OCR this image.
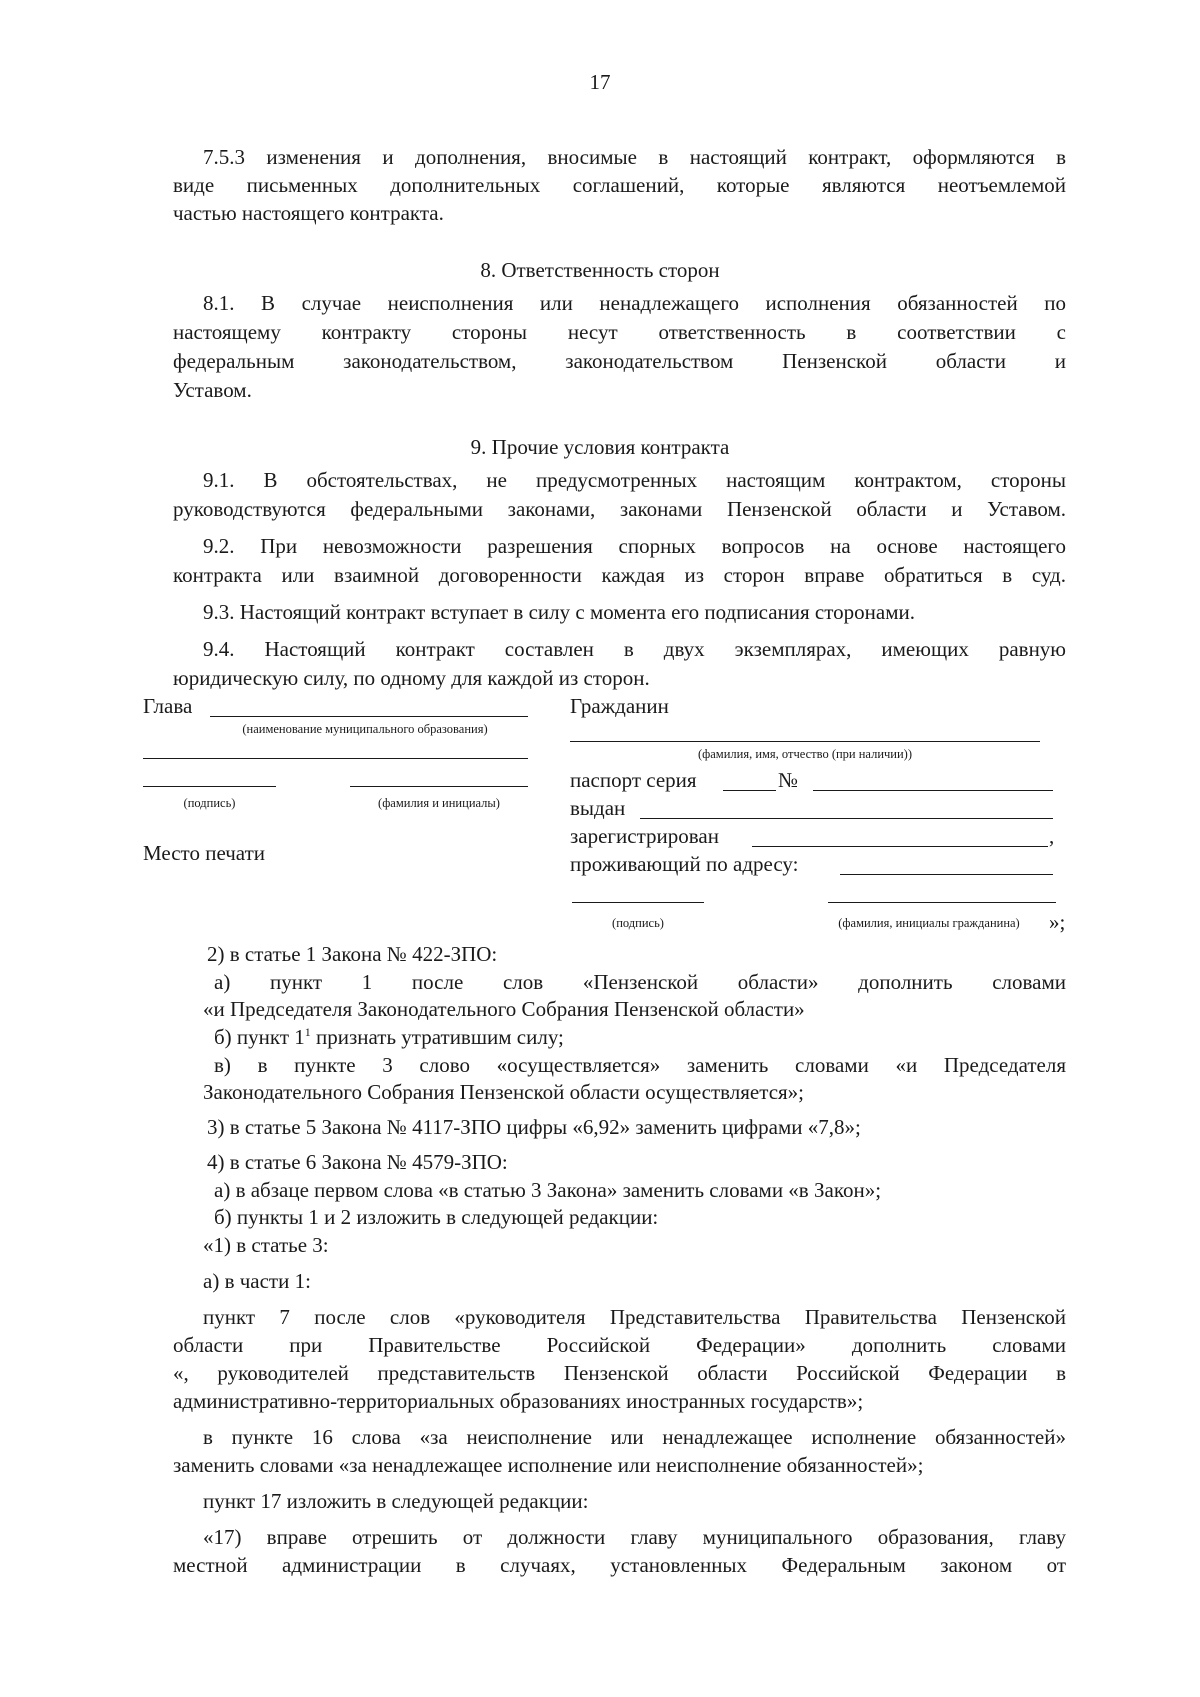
17
7.5.3 изменения и дополнения, вносимые в настоящий контракт, оформляются в
виде письменных дополнительных соглашений, которые являются неотъемлемой
частью настоящего контракта.
8. Ответственность сторон
8.1. В случае неисполнения или ненадлежащего исполнения обязанностей по
настоящему контракту стороны несут ответственность в соответствии с
федеральным законодательством, законодательством Пензенской области и
Уставом.
9. Прочие условия контракта
9.1. В обстоятельствах, не предусмотренных настоящим контрактом, стороны
руководствуются федеральными законами, законами Пензенской области и Уставом.
9.2. При невозможности разрешения спорных вопросов на основе настоящего
контракта или взаимной договоренности каждая из сторон вправе обратиться в суд.
9.3. Настоящий контракт вступает в силу с момента его подписания сторонами.
9.4. Настоящий контракт составлен в двух экземплярах, имеющих равную
юридическую силу, по одному для каждой из сторон.
Глава
(наименование муниципального образования)
(подпись)	(фамилия и инициалы)
Место печати
Гражданин
(фамилия, имя, отчество (при наличии))
паспорт серия	№
выдан
зарегистрирован	,
проживающий по адресу:
(подпись)	(фамилия, инициалы гражданина)	»;
2) в статье 1 Закона № 422-ЗПО:
а) пункт 1 после слов «Пензенской области» дополнить словами
«и Председателя Законодательного Собрания Пензенской области»
б) пункт $1^1$ признать утратившим силу;
в) в пункте 3 слово «осуществляется» заменить словами «и Председателя
Законодательного Собрания Пензенской области осуществляется»;
3) в статье 5 Закона № 4117-ЗПО цифры «6,92» заменить цифрами «7,8»;
4) в статье 6 Закона № 4579-ЗПО:
а) в абзаце первом слова «в статью 3 Закона» заменить словами «в Закон»;
б) пункты 1 и 2 изложить в следующей редакции:
«1) в статье 3:
а) в части 1:
пункт 7 после слов «руководителя Представительства Правительства Пензенской
области при Правительстве Российской Федерации» дополнить словами
«, руководителей представительств Пензенской области Российской Федерации в
административно-территориальных образованиях иностранных государств»;
в пункте 16 слова «за неисполнение или ненадлежащее исполнение обязанностей»
заменить словами «за ненадлежащее исполнение или неисполнение обязанностей»;
пункт 17 изложить в следующей редакции:
«17) вправе отрешить от должности главу муниципального образования, главу
местной администрации в случаях, установленных Федеральным законом от
